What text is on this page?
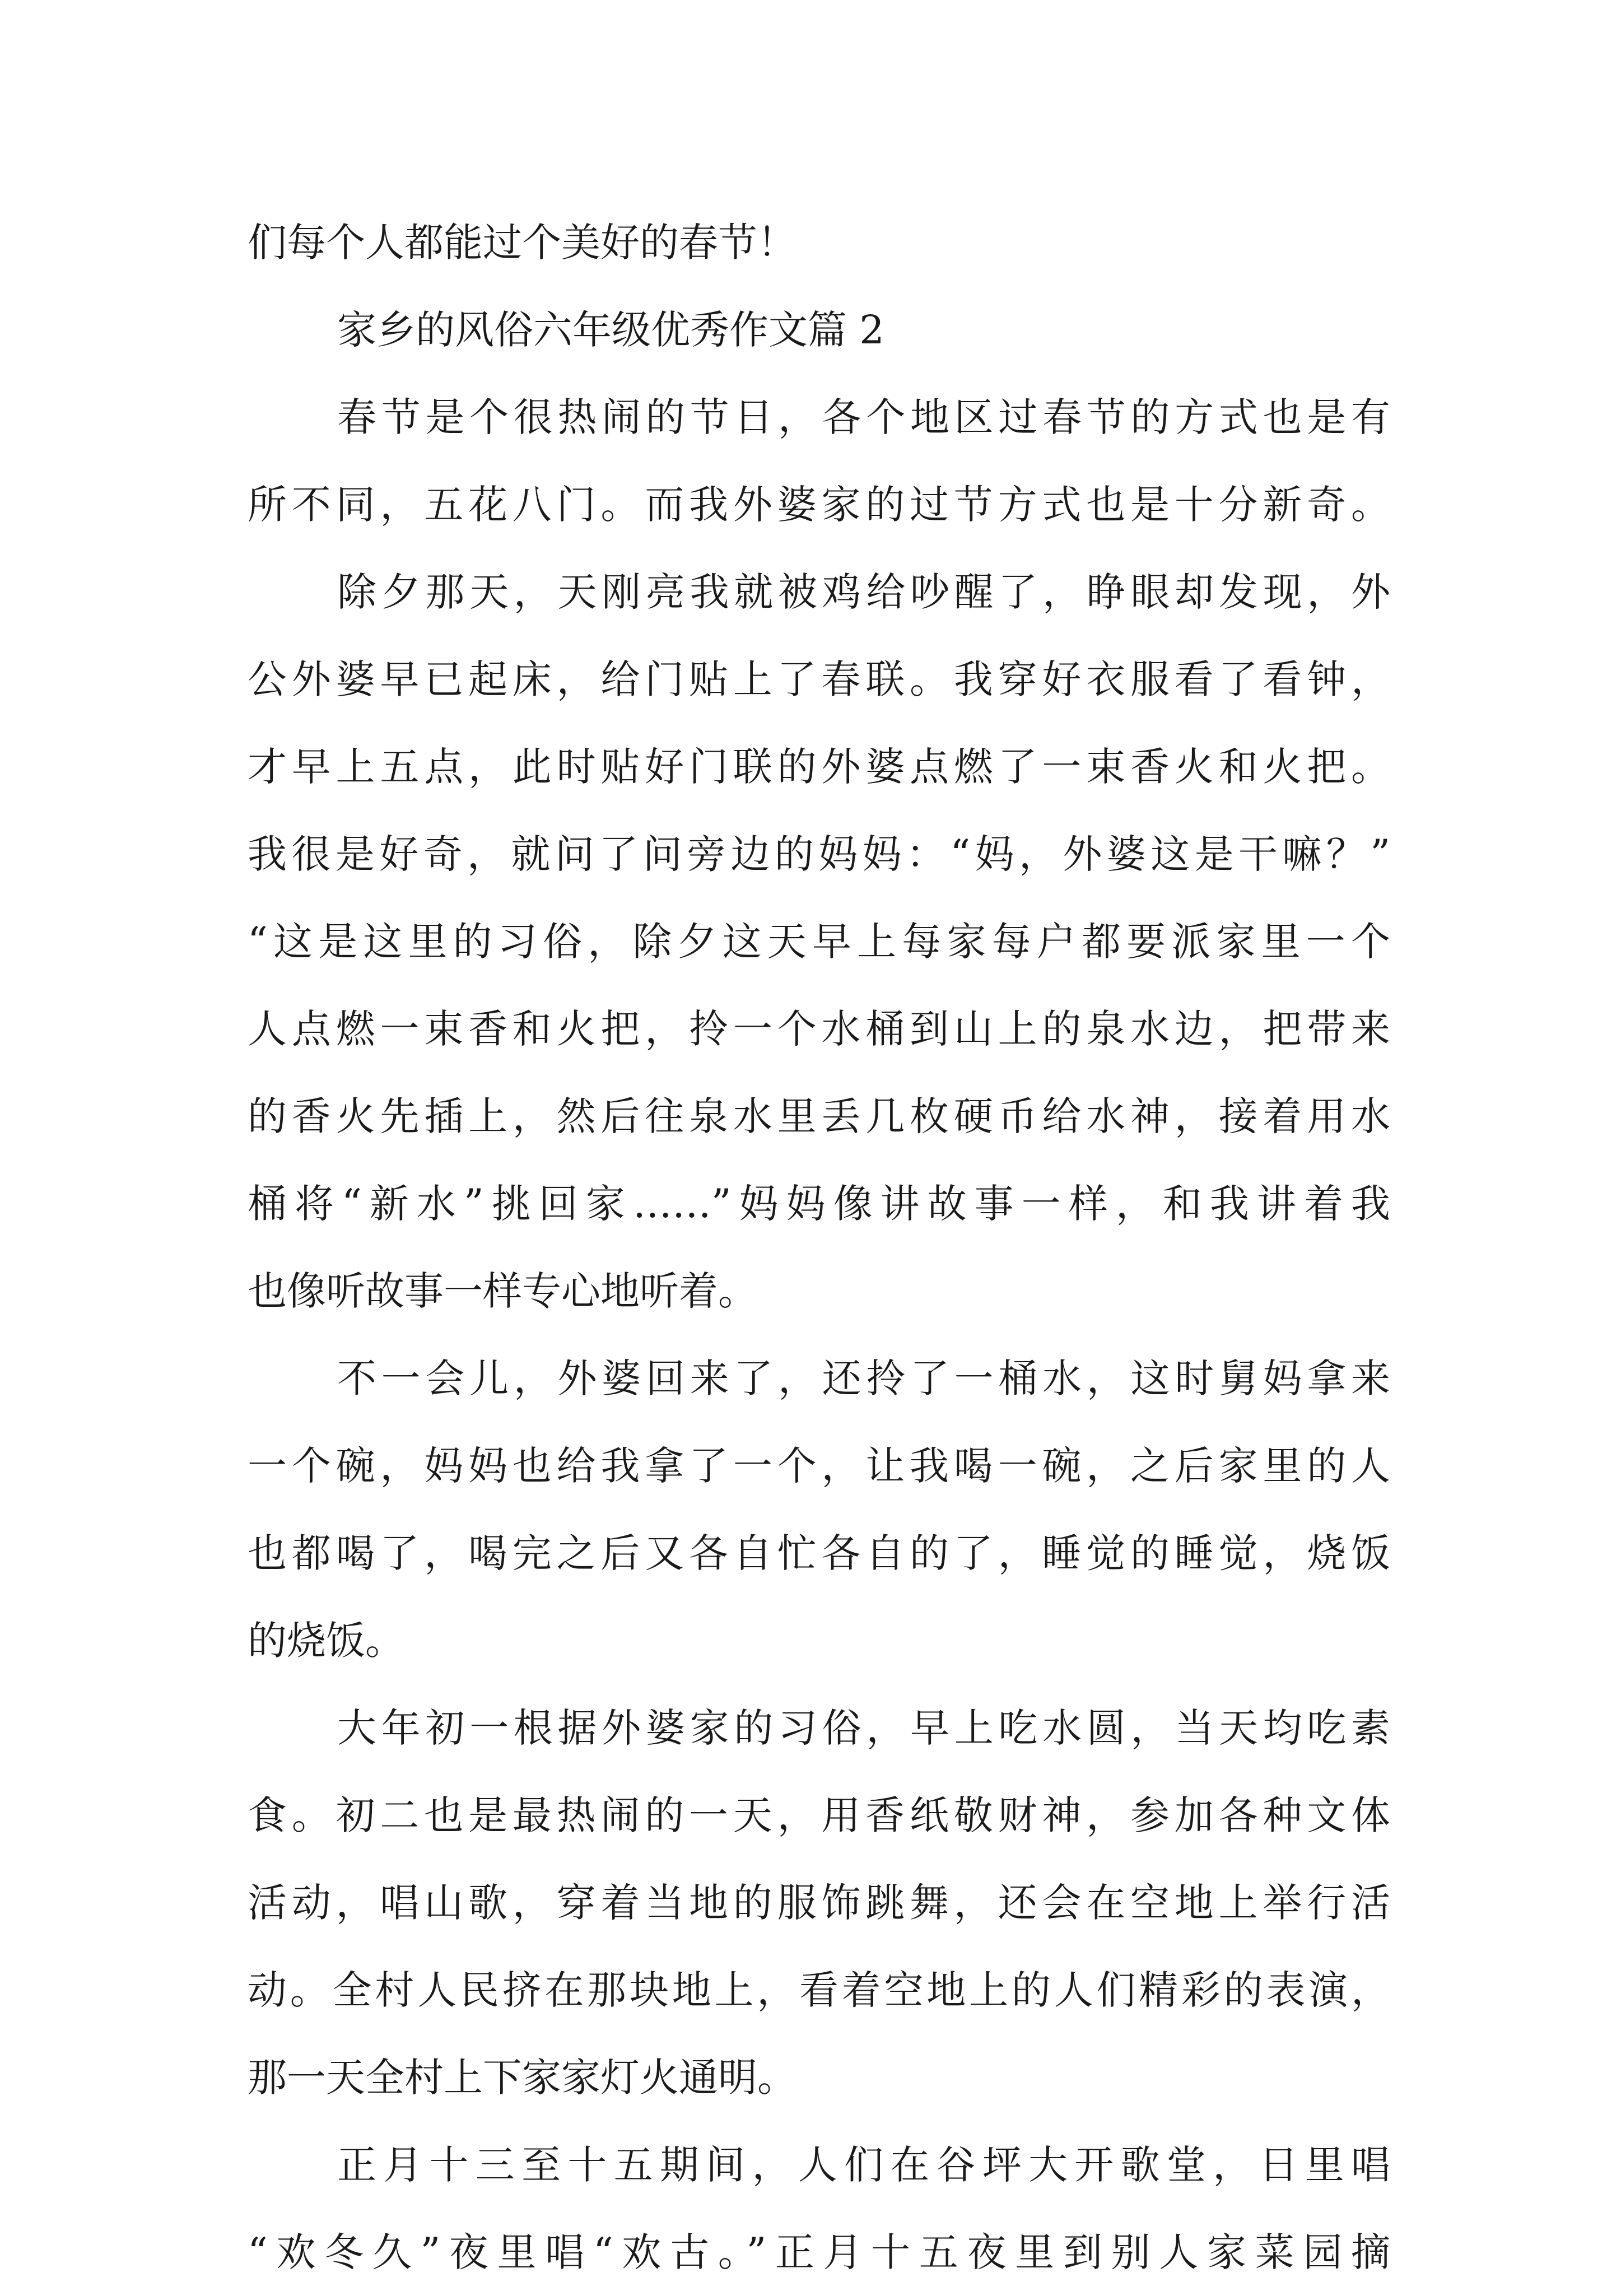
们每个人都能过个美好的春节！
家乡的风俗六年级优秀作文篇 2
春节是个很热闹的节日，各个地区过春节的方式也是有
所不同，五花八门。而我外婆家的过节方式也是十分新奇。
除夕那天，天刚亮我就被鸡给吵醒了，睁眼却发现，外
公外婆早已起床，给门贴上了春联。我穿好衣服看了看钟，
才早上五点，此时贴好门联的外婆点燃了一束香火和火把。
我很是好奇，就问了问旁边的妈妈：“妈，外婆这是干嘛？”
“这是这里的习俗，除夕这天早上每家每户都要派家里一个
人点燃一束香和火把，拎一个水桶到山上的泉水边，把带来
的香火先插上，然后往泉水里丢几枚硬币给水神，接着用水
桶将“新水”挑回家……”妈妈像讲故事一样，和我讲着我
也像听故事一样专心地听着。
不一会儿，外婆回来了，还拎了一桶水，这时舅妈拿来
一个碗，妈妈也给我拿了一个，让我喝一碗，之后家里的人
也都喝了，喝完之后又各自忙各自的了，睡觉的睡觉，烧饭
的烧饭。
大年初一根据外婆家的习俗，早上吃水圆，当天均吃素
食。初二也是最热闹的一天，用香纸敬财神，参加各种文体
活动，唱山歌，穿着当地的服饰跳舞，还会在空地上举行活
动。全村人民挤在那块地上，看着空地上的人们精彩的表演，
那一天全村上下家家灯火通明。
正月十三至十五期间，人们在谷坪大开歌堂，日里唱
“欢冬久”夜里唱“欢古。”正月十五夜里到别人家菜园摘
